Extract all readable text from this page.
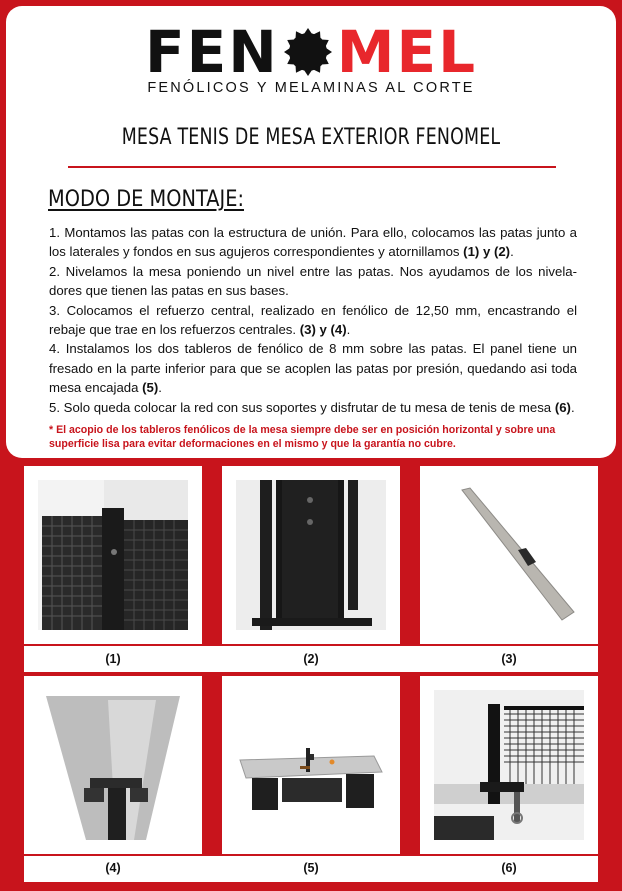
FEN MEL
FENÓLICOS Y MELAMINAS AL CORTE
MESA TENIS DE MESA EXTERIOR FENOMEL
MODO DE MONTAJE:

1. Montamos las patas con la estructura de unión. Para ello, colocamos las patas junto a los laterales y fondos en sus agujeros correspondientes y atornillamos (1) y (2).

2. Nivelamos la mesa poniendo un nivel entre las patas. Nos ayudamos de los niveladores que tienen las patas en sus bases.

3. Colocamos el refuerzo central, realizado en fenólico de 12,50 mm, encastrando el rebaje que trae en los refuerzos centrales. (3) y (4).

4. Instalamos los dos tableros de fenólico de 8 mm sobre las patas. El panel tiene un fresado en la parte inferior para que se acoplen las patas por presión, quedando asi toda mesa encajada (5).

5. Solo queda colocar la red con sus soportes y disfrutar de tu mesa de tenis de mesa (6).

* El acopio de los tableros fenólicos de la mesa siempre debe ser en posición horizontal y sobre una superficie lisa para evitar deformaciones en el mismo y que la garantía no cubre.
(1)	(2)	(3)
(4)	(5)	(6)
